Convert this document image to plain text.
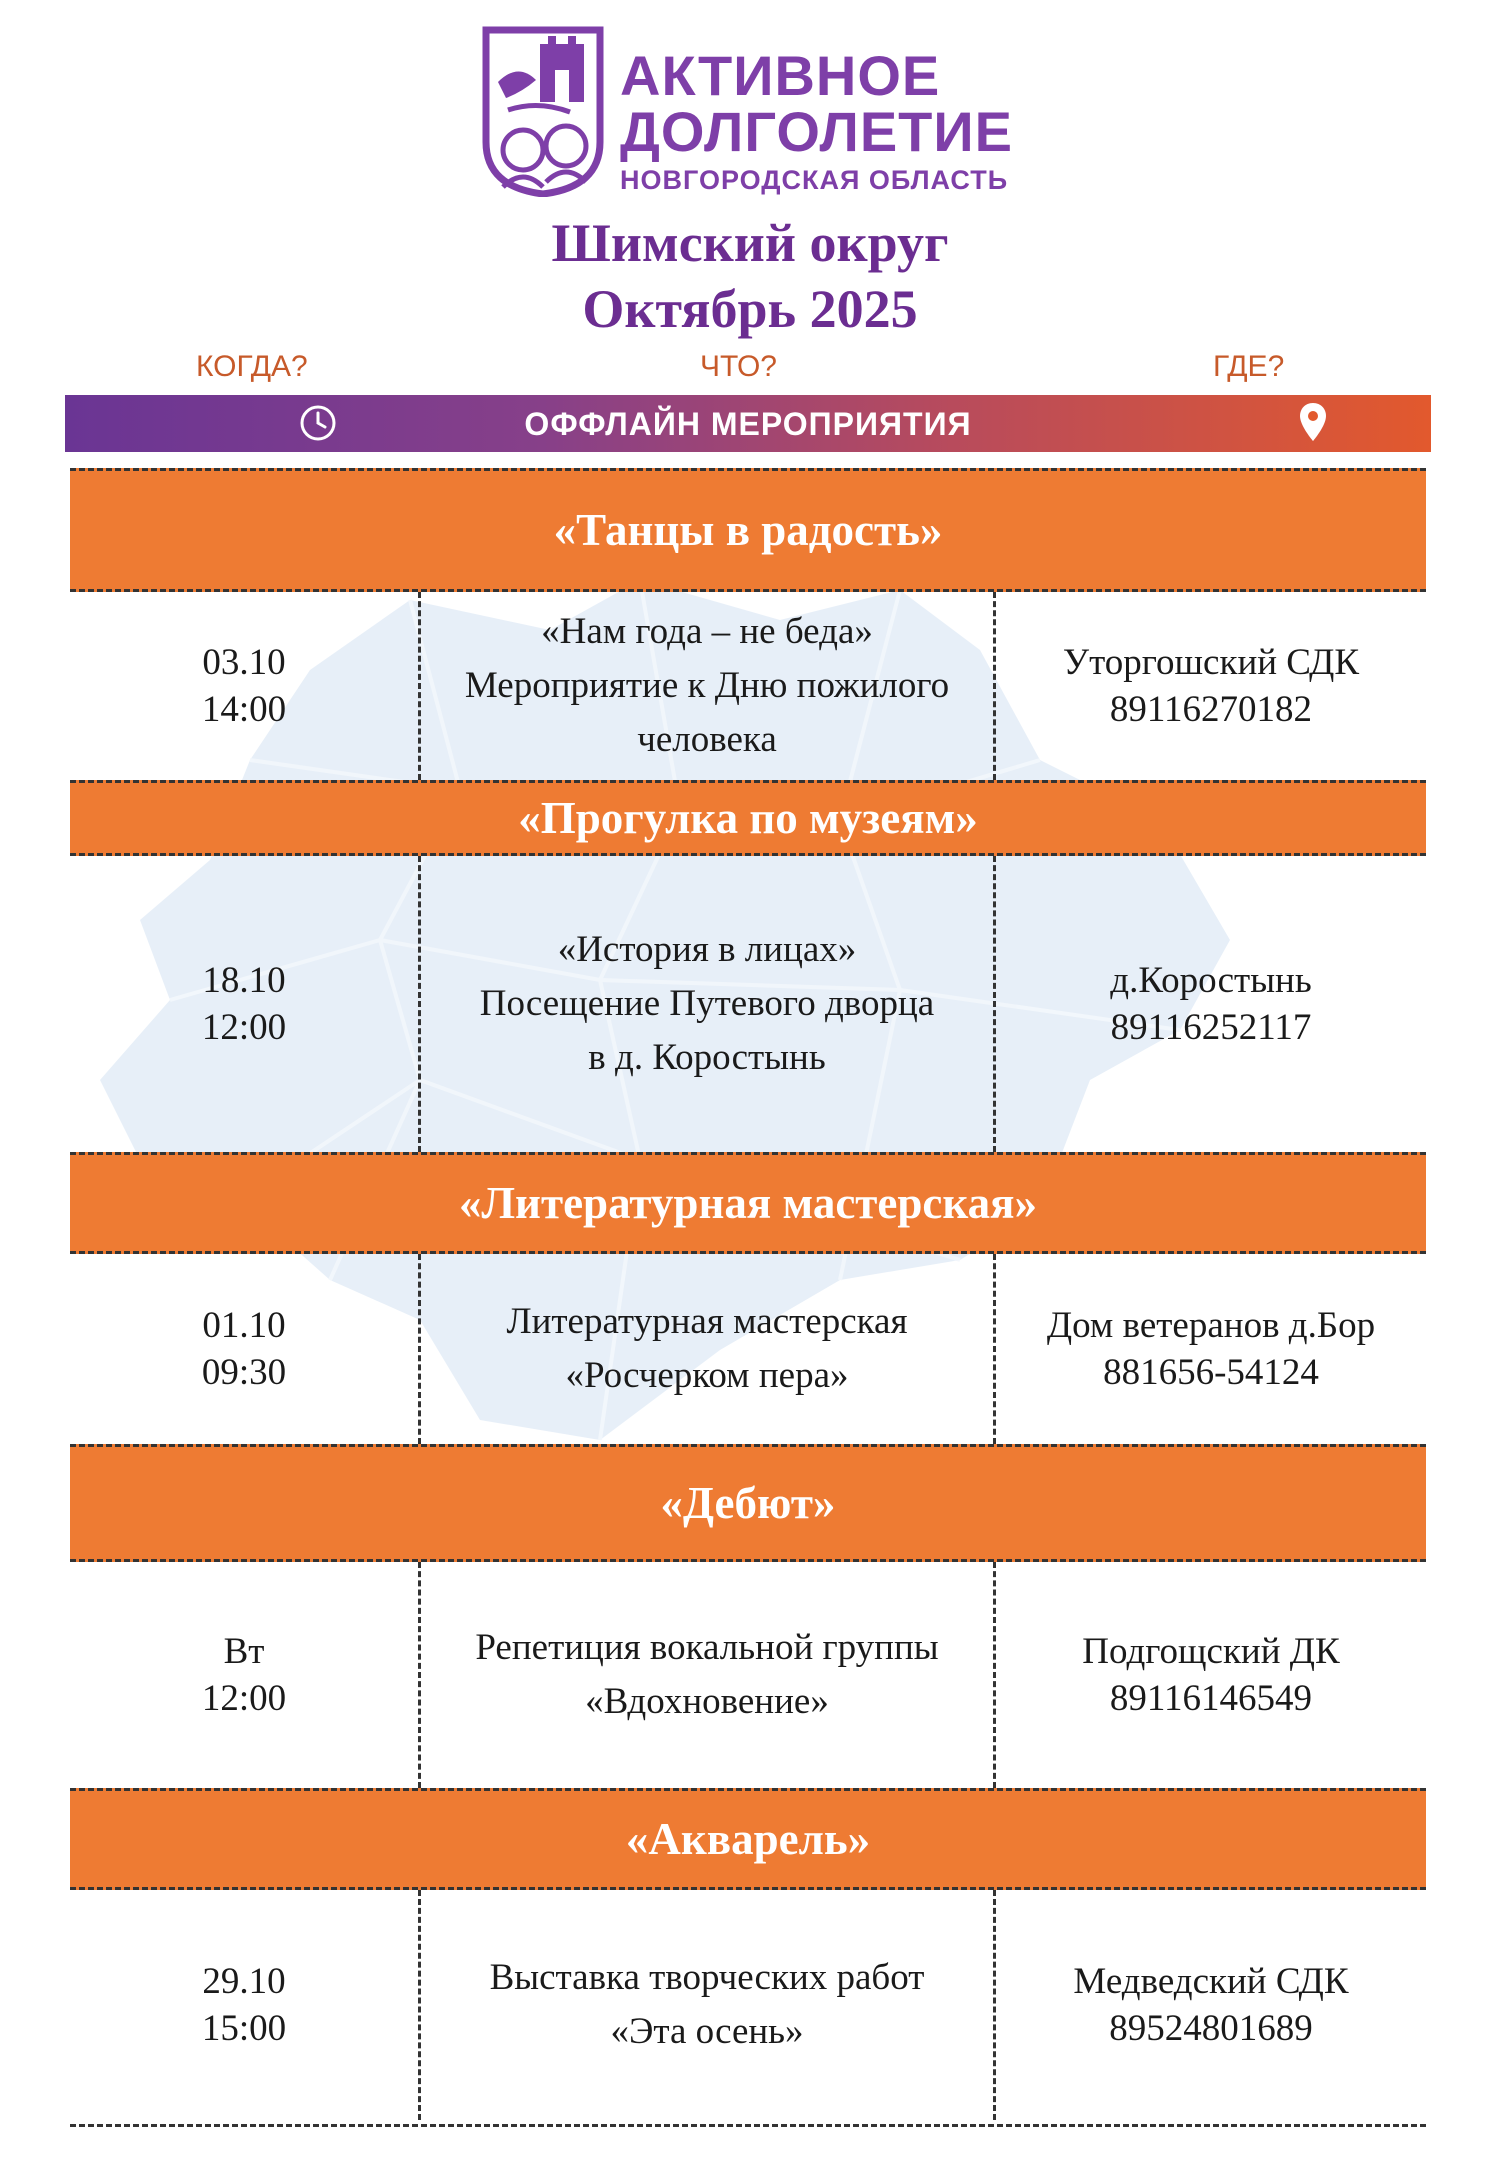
АКТИВНОЕ
ДОЛГОЛЕТИЕ
НОВГОРОДСКАЯ ОБЛАСТЬ
Шимский округ
Октябрь 2025
КОГДА?	ЧТО?	ГДЕ?
ОФФЛАЙН МЕРОПРИЯТИЯ
«Танцы в радость»
03.10
14:00
«Нам года – не беда»
Мероприятие к Дню пожилого
человека
Уторгошский СДК
89116270182
«Прогулка по музеям»
18.10
12:00
«История в лицах»
Посещение Путевого дворца
в д. Коростынь
д.Коростынь
89116252117
«Литературная мастерская»
01.10
09:30
Литературная мастерская
«Росчерком пера»
Дом ветеранов д.Бор
881656-54124
«Дебют»
Вт
12:00
Репетиция вокальной группы
«Вдохновение»
Подгощский ДК
89116146549
«Акварель»
29.10
15:00
Выставка творческих работ
«Эта осень»
Медведский СДК
89524801689
